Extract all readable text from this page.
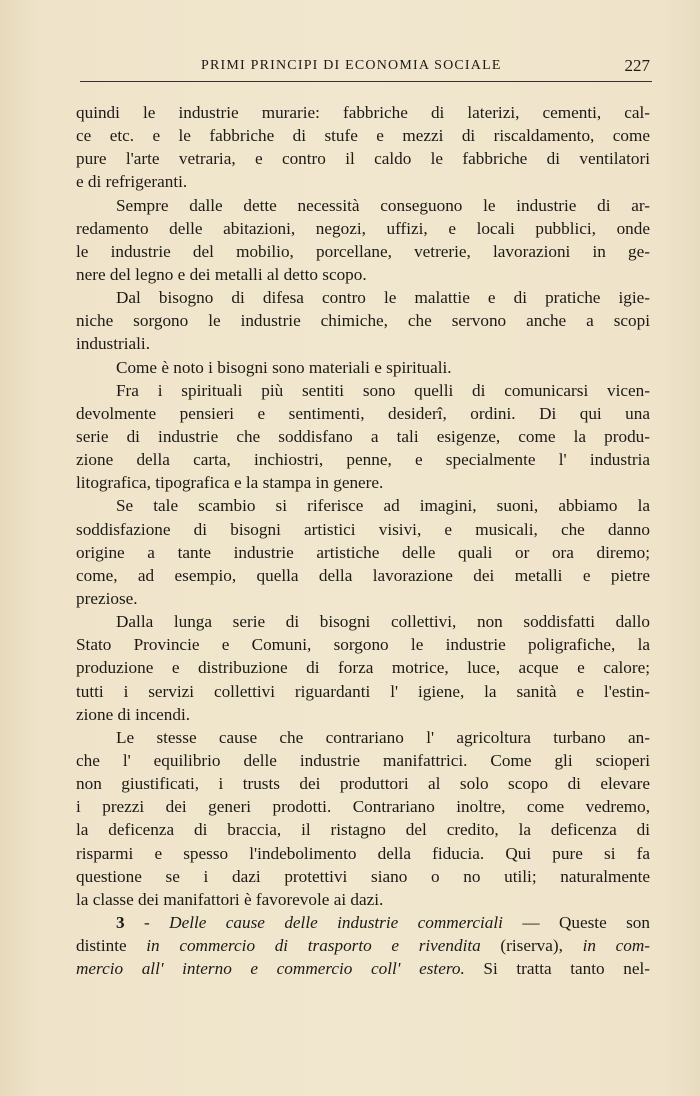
PRIMI PRINCIPI DI ECONOMIA SOCIALE	227
quindi le industrie murarie: fabbriche di laterizi, cementi, cal-
ce etc. e le fabbriche di stufe e mezzi di riscaldamento, come
pure l'arte vetraria, e contro il caldo le fabbriche di ventilatori
e di refrigeranti.
Sempre dalle dette necessità conseguono le industrie di ar-
redamento delle abitazioni, negozi, uffizi, e locali pubblici, onde
le industrie del mobilio, porcellane, vetrerie, lavorazioni in ge-
nere del legno e dei metalli al detto scopo.
Dal bisogno di difesa contro le malattie e di pratiche igie-
niche sorgono le industrie chimiche, che servono anche a scopi
industriali.
Come è noto i bisogni sono materiali e spirituali.
Fra i spirituali più sentiti sono quelli di comunicarsi vicen-
devolmente pensieri e sentimenti, desiderî, ordini. Di qui una
serie di industrie che soddisfano a tali esigenze, come la produ-
zione della carta, inchiostri, penne, e specialmente l' industria
litografica, tipografica e la stampa in genere.
Se tale scambio si riferisce ad imagini, suoni, abbiamo la
soddisfazione di bisogni artistici visivi, e musicali, che danno
origine a tante industrie artistiche delle quali or ora diremo;
come, ad esempio, quella della lavorazione dei metalli e pietre
preziose.
Dalla lunga serie di bisogni collettivi, non soddisfatti dallo
Stato Provincie e Comuni, sorgono le industrie poligrafiche, la
produzione e distribuzione di forza motrice, luce, acque e calore;
tutti i servizi collettivi riguardanti l' igiene, la sanità e l'estin-
zione di incendi.
Le stesse cause che contrariano l' agricoltura turbano an-
che l' equilibrio delle industrie manifattrici. Come gli scioperi
non giustificati, i trusts dei produttori al solo scopo di elevare
i prezzi dei generi prodotti. Contrariano inoltre, come vedremo,
la deficenza di braccia, il ristagno del credito, la deficenza di
risparmi e spesso l'indebolimento della fiducia. Qui pure si fa
questione se i dazi protettivi siano o no utili; naturalmente
la classe dei manifattori è favorevole ai dazi.
3 - Delle cause delle industrie commerciali — Queste son
distinte in commercio di trasporto e rivendita (riserva), in com-
mercio all' interno e commercio coll' estero. Si tratta tanto nel-
